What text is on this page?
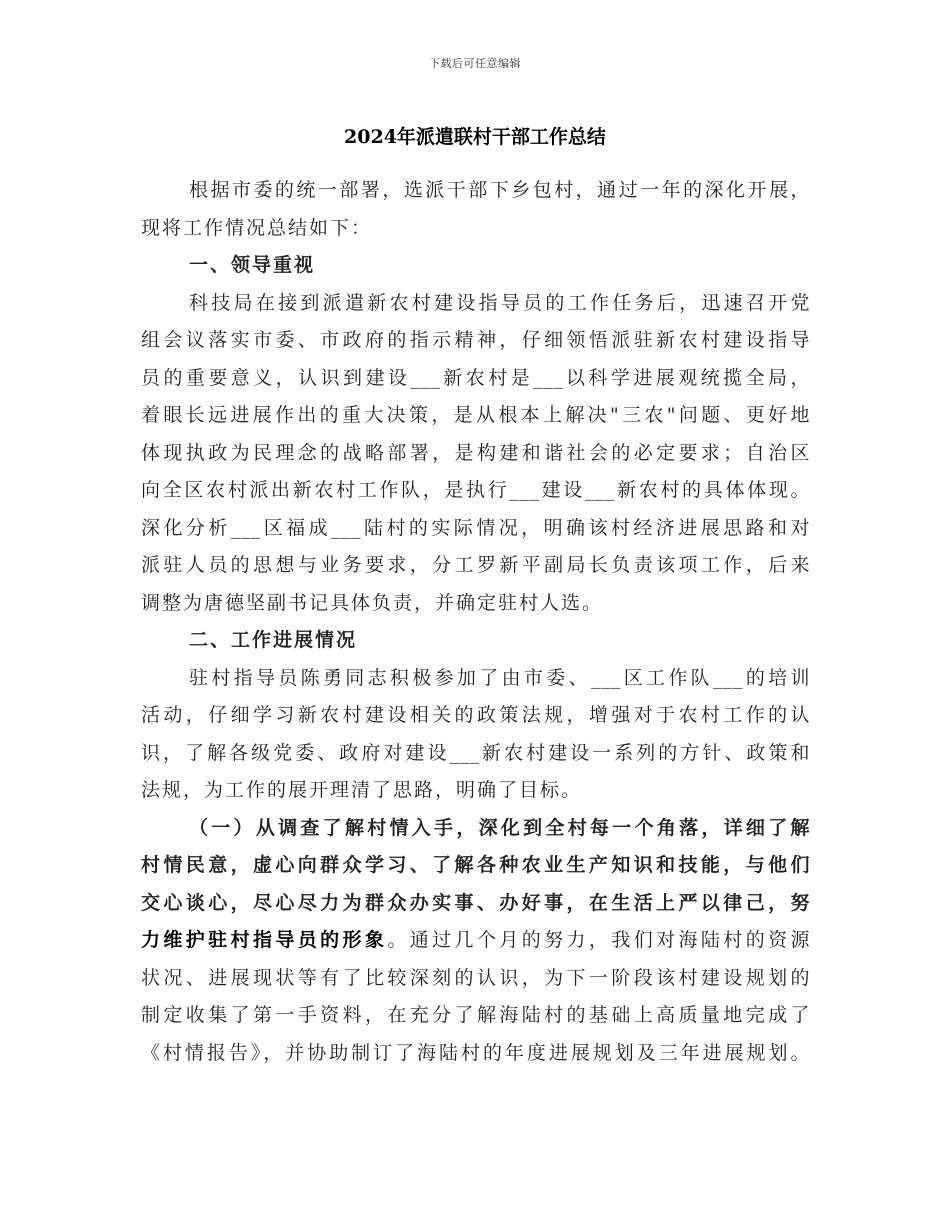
下载后可任意编辑
2024年派遣联村干部工作总结
根据市委的统一部署，选派干部下乡包村，通过一年的深化开展，
现将工作情况总结如下：
一、领导重视
科技局在接到派遣新农村建设指导员的工作任务后，迅速召开党
组会议落实市委、市政府的指示精神，仔细领悟派驻新农村建设指导
员的重要意义，认识到建设___新农村是___以科学进展观统揽全局，
着眼长远进展作出的重大决策，是从根本上解决"三农"问题、更好地
体现执政为民理念的战略部署，是构建和谐社会的必定要求；自治区
向全区农村派出新农村工作队，是执行___建设___新农村的具体体现。
深化分析___区福成___陆村的实际情况，明确该村经济进展思路和对
派驻人员的思想与业务要求，分工罗新平副局长负责该项工作，后来
调整为唐德坚副书记具体负责，并确定驻村人选。
二、工作进展情况
驻村指导员陈勇同志积极参加了由市委、___区工作队___的培训
活动，仔细学习新农村建设相关的政策法规，增强对于农村工作的认
识，了解各级党委、政府对建设___新农村建设一系列的方针、政策和
法规，为工作的展开理清了思路，明确了目标。
（一）从调查了解村情入手，深化到全村每一个角落，详细了解
村情民意，虚心向群众学习、了解各种农业生产知识和技能，与他们
交心谈心，尽心尽力为群众办实事、办好事，在生活上严以律己，努
力维护驻村指导员的形象。通过几个月的努力，我们对海陆村的资源
状况、进展现状等有了比较深刻的认识，为下一阶段该村建设规划的
制定收集了第一手资料，在充分了解海陆村的基础上高质量地完成了
《村情报告》，并协助制订了海陆村的年度进展规划及三年进展规划。
